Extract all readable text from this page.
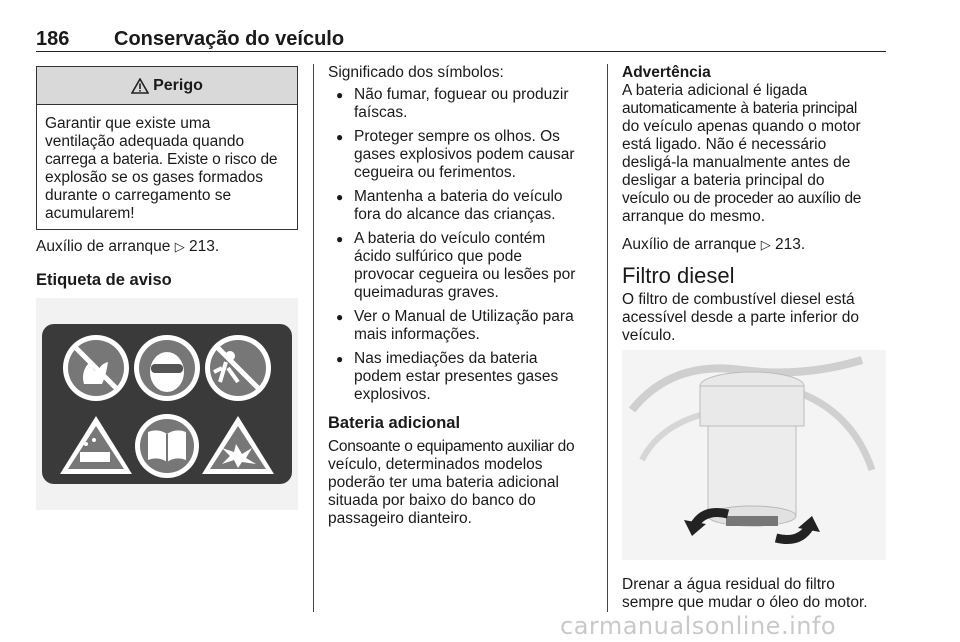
186 Conservação do veículo
Perigo
Garantir que existe uma
ventilação adequada quando
carrega a bateria. Existe o risco de
explosão se os gases formados
durante o carregamento se
acumularem!

Auxílio de arranque ▷ 213.

Etiqueta de aviso

Significado dos símbolos:

● Não fumar, foguear ou produzir
faíscas.
● Proteger sempre os olhos. Os
gases explosivos podem causar
cegueira ou ferimentos.
● Mantenha a bateria do veículo
fora do alcance das crianças.
● A bateria do veículo contém
ácido sulfúrico que pode
provocar cegueira ou lesões por
queimaduras graves.
● Ver o Manual de Utilização para
mais informações.
● Nas imediações da bateria
podem estar presentes gases
explosivos.

Bateria adicional

Consoante o equipamento auxiliar do
veículo, determinados modelos
poderão ter uma bateria adicional
situada por baixo do banco do
passageiro dianteiro.

Advertência

A bateria adicional é ligada
automaticamente à bateria principal
do veículo apenas quando o motor
está ligado. Não é necessário
desligá-la manualmente antes de
desligar a bateria principal do
veículo ou de proceder ao auxílio de
arranque do mesmo.

Auxílio de arranque ▷ 213.

Filtro diesel

O filtro de combustível diesel está
acessível desde a parte inferior do
veículo.
Drenar a água residual do filtro
sempre que mudar o óleo do motor.
carmanualsonline.info
